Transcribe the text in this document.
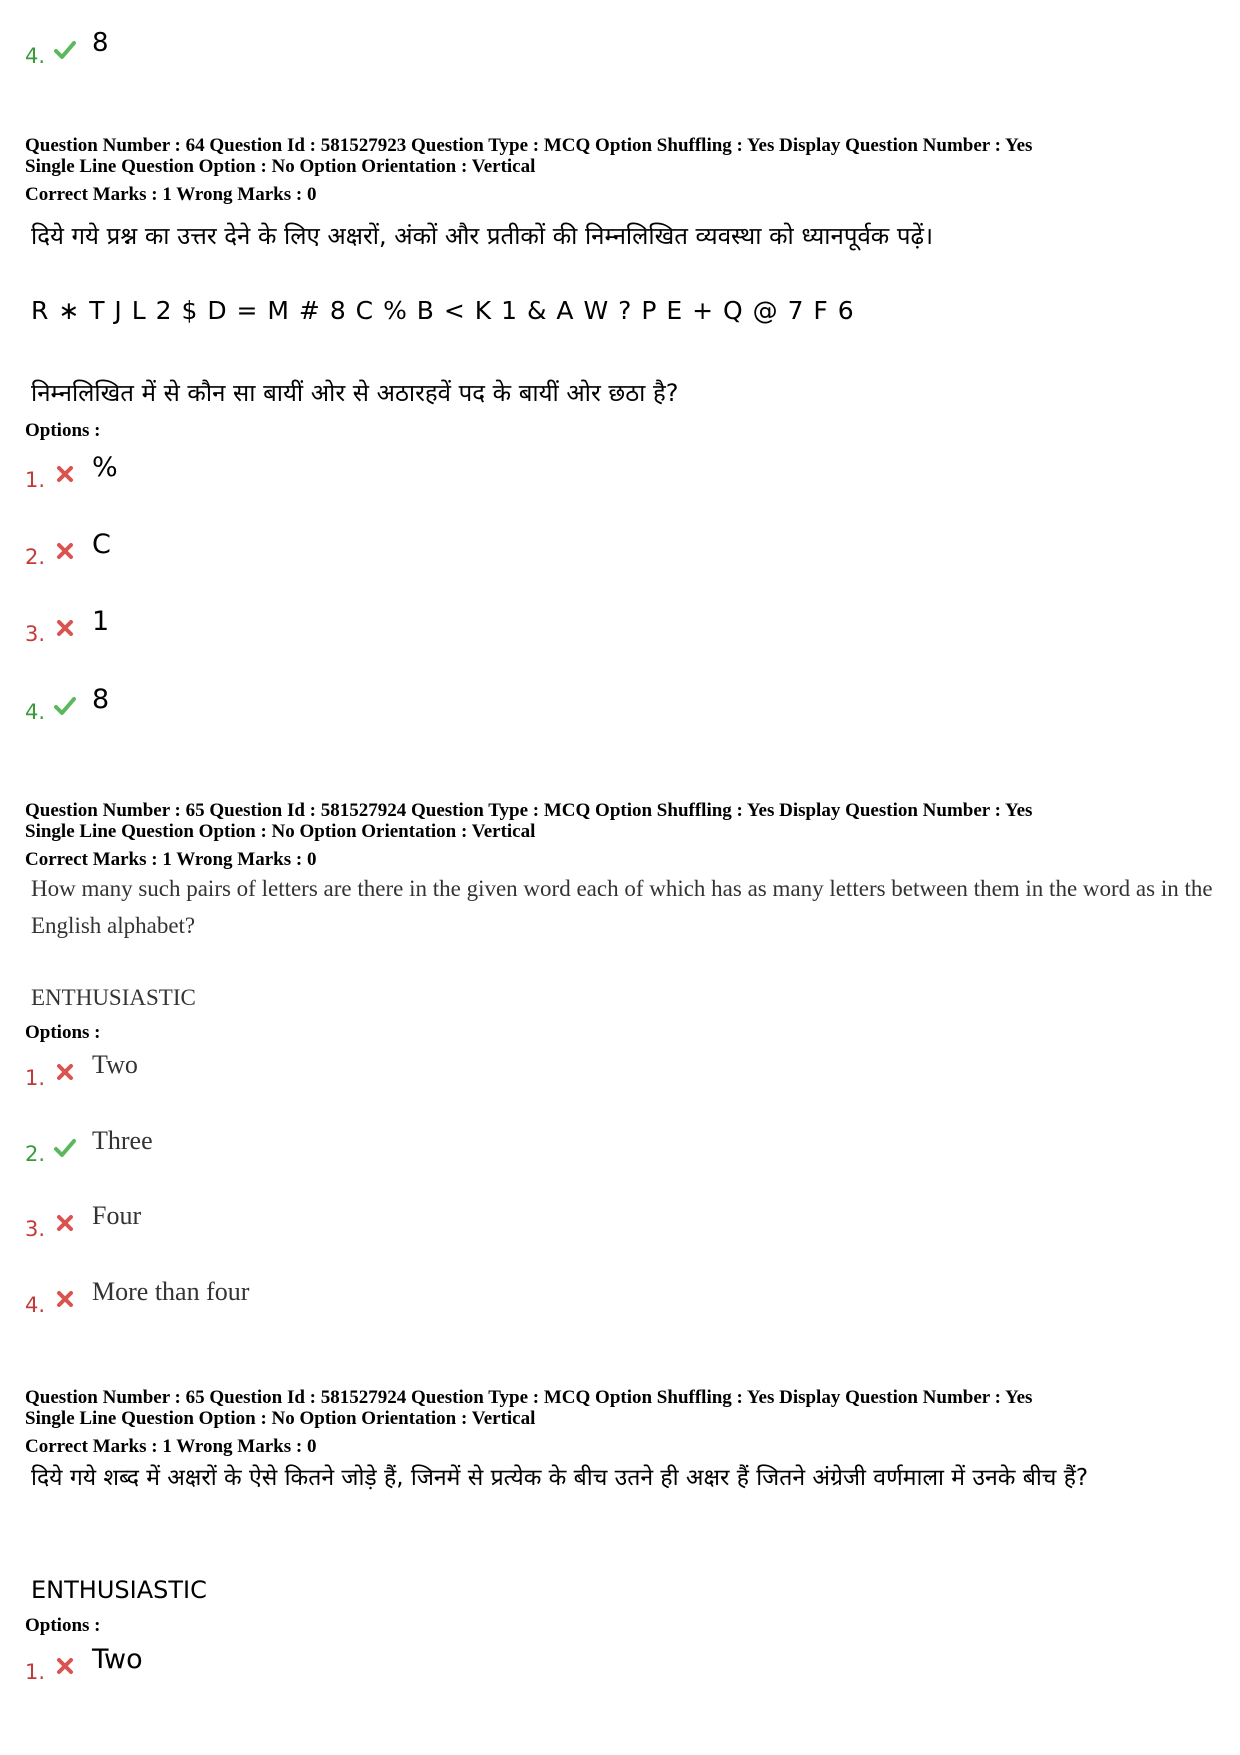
4. 8
Question Number : 64 Question Id : 581527923 Question Type : MCQ Option Shuffling : Yes Display Question Number : Yes
Single Line Question Option : No Option Orientation : Vertical
Correct Marks : 1 Wrong Marks : 0
दिये गये प्रश्न का उत्तर देने के लिए अक्षरों, अंकों और प्रतीकों की निम्नलिखित व्यवस्था को ध्यानपूर्वक पढ़ें।
R ∗ T J L 2 $ D = M # 8 C % B < K 1 & A W ? P E + Q @ 7 F 6
निम्नलिखित में से कौन सा बायीं ओर से अठारहवें पद के बायीं ओर छठा है?
Options :
1. %
2. C
3. 1
4. 8
Question Number : 65 Question Id : 581527924 Question Type : MCQ Option Shuffling : Yes Display Question Number : Yes
Single Line Question Option : No Option Orientation : Vertical
Correct Marks : 1 Wrong Marks : 0
How many such pairs of letters are there in the given word each of which has as many letters between them in the word as in the English alphabet?
ENTHUSIASTIC
Options :
1. Two
2. Three
3. Four
4. More than four
Question Number : 65 Question Id : 581527924 Question Type : MCQ Option Shuffling : Yes Display Question Number : Yes
Single Line Question Option : No Option Orientation : Vertical
Correct Marks : 1 Wrong Marks : 0
दिये गये शब्द में अक्षरों के ऐसे कितने जोड़े हैं, जिनमें से प्रत्येक के बीच उतने ही अक्षर हैं जितने अंग्रेजी वर्णमाला में उनके बीच हैं?
ENTHUSIASTIC
Options :
1. Two
